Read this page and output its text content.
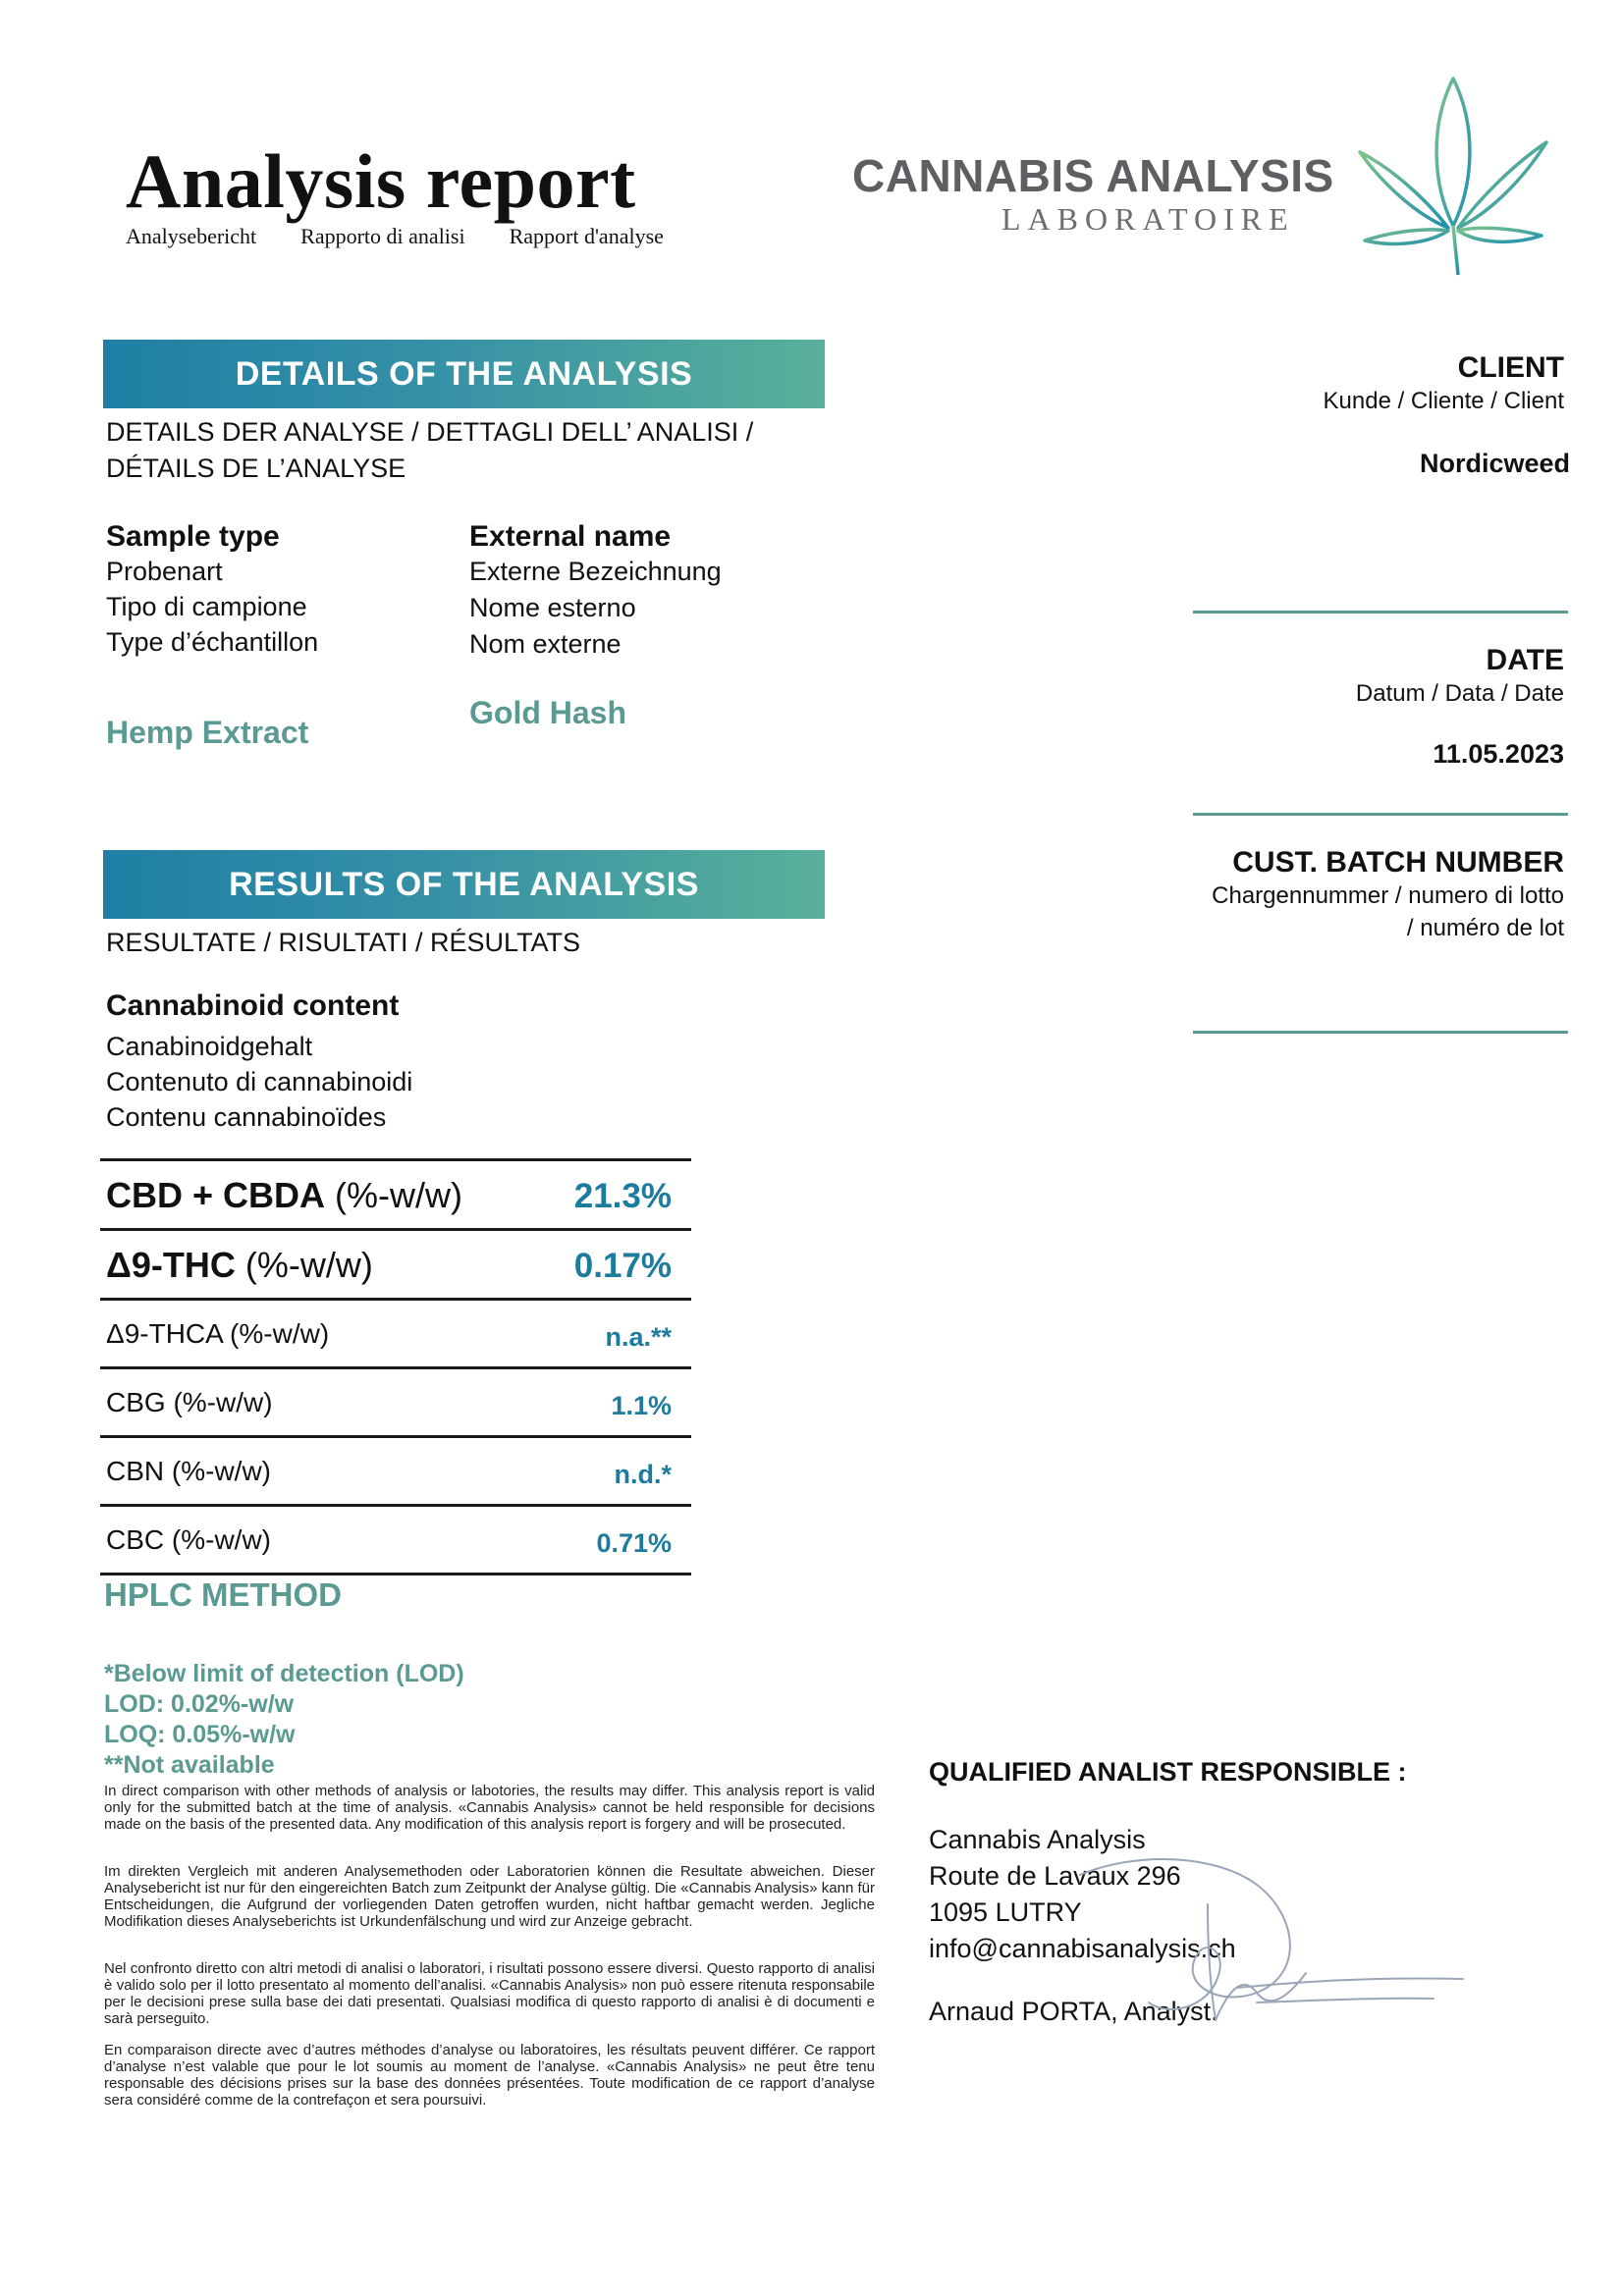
Analysis report
Analysebericht Rapporto di analisi Rapport d'analyse
CANNABIS ANALYSIS
LABORATOIRE
DETAILS OF THE ANALYSIS
DETAILS DER ANALYSE / DETTAGLI DELL’ ANALISI /
DÉTAILS DE L’ANALYSE
Sample type
Probenart
Tipo di campione
Type d’échantillon
Hemp Extract
External name
Externe Bezeichnung
Nome esterno
Nom externe
Gold Hash
CLIENT
Kunde / Cliente / Client
Nordicweed
DATE
Datum / Data / Date
11.05.2023
CUST. BATCH NUMBER
Chargennummer / numero di lotto
/ numéro de lot
RESULTS OF THE ANALYSIS
RESULTATE / RISULTATI / RÉSULTATS
Cannabinoid content
Canabinoidgehalt
Contenuto di cannabinoidi
Contenu cannabinoïdes
CBD + CBDA (%-w/w)	21.3%
Δ9-THC (%-w/w)	0.17%
Δ9-THCA (%-w/w)	n.a.**
CBG (%-w/w)	1.1%
CBN (%-w/w)	n.d.*
CBC (%-w/w)	0.71%
HPLC METHOD
*Below limit of detection (LOD)
LOD: 0.02%-w/w
LOQ: 0.05%-w/w
**Not available
In direct comparison with other methods of analysis or labotories, the results may differ. This analysis report is valid only for the submitted batch at the time of analysis. «Cannabis Analysis» cannot be held responsible for decisions made on the basis of the presented data. Any modification of this analysis report is forgery and will be prosecuted.
Im direkten Vergleich mit anderen Analysemethoden oder Laboratorien können die Resultate abweichen. Dieser Analysebericht ist nur für den eingereichten Batch zum Zeitpunkt der Analyse gültig. Die «Cannabis Analysis» kann für Entscheidungen, die Aufgrund der vorliegenden Daten getroffen wurden, nicht haftbar gemacht werden. Jegliche Modifikation dieses Analyseberichts ist Urkundenfälschung und wird zur Anzeige gebracht.
Nel confronto diretto con altri metodi di analisi o laboratori, i risultati possono essere diversi. Questo rapporto di analisi è valido solo per il lotto presentato al momento dell’analisi. «Cannabis Analysis» non può essere ritenuta responsabile per le decisioni prese sulla base dei dati presentati. Qualsiasi modifica di questo rapporto di analisi è di documenti e sarà perseguito.
En comparaison directe avec d’autres méthodes d’analyse ou laboratoires, les résultats peuvent différer. Ce rapport d’analyse n’est valable que pour le lot soumis au moment de l’analyse. «Cannabis Analysis» ne peut être tenu responsable des décisions prises sur la base des données présentées. Toute modification de ce rapport d’analyse sera considéré comme de la contrefaçon et sera poursuivi.
QUALIFIED ANALIST RESPONSIBLE :
Cannabis Analysis
Route de Lavaux 296
1095 LUTRY
info@cannabisanalysis.ch
Arnaud PORTA, Analyst.
